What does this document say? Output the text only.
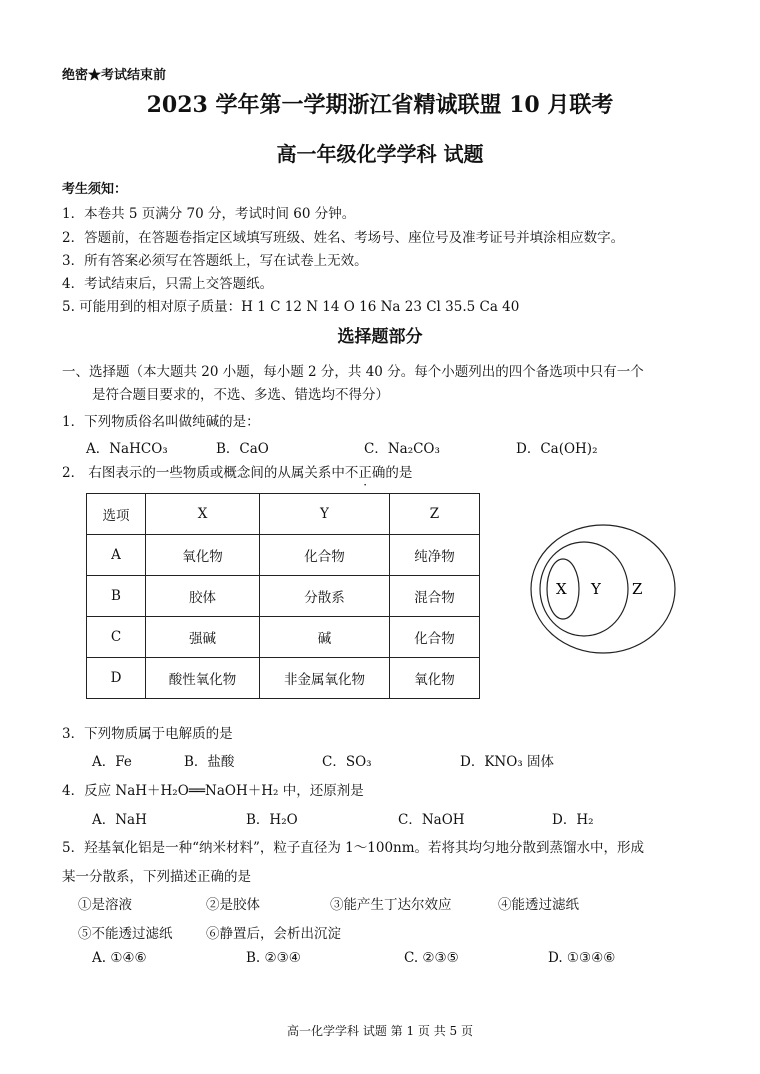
绝密★考试结束前
2023 学年第一学期浙江省精诚联盟 10 月联考
高一年级化学学科 试题
考生须知：
1．本卷共 5 页满分 70 分，考试时间 60 分钟。
2．答题前，在答题卷指定区域填写班级、姓名、考场号、座位号及准考证号并填涂相应数字。
3．所有答案必须写在答题纸上，写在试卷上无效。
4．考试结束后，只需上交答题纸。
5. 可能用到的相对原子质量：H 1 C 12 N 14 O 16 Na 23 Cl 35.5 Ca 40
选择题部分
一、选择题（本大题共 20 小题，每小题 2 分，共 40 分。每个小题列出的四个备选项中只有一个
是符合题目要求的，不选、多选、错选均不得分）
1．下列物质俗名叫做纯碱的是：
A．NaHCO₃	B．CaO	C．Na₂CO₃	D．Ca(OH)₂
2． 右图表示的一些物质或概念间的从属关系中不正确的是
选项	X	Y	Z
A	氧化物	化合物	纯净物
B	胶体	分散系	混合物
C	强碱	碱	化合物
D	酸性氧化物	非金属氧化物	氧化物
X Y Z
3．下列物质属于电解质的是
A．Fe	B．盐酸	C．SO₃	D．KNO₃ 固体
4．反应 NaH＋H₂O══NaOH＋H₂ 中，还原剂是
A．NaH	B．H₂O	C．NaOH	D．H₂
5．羟基氧化铝是一种“纳米材料”，粒子直径为 1～100nm。若将其均匀地分散到蒸馏水中，形成
某一分散系，下列描述正确的是
①是溶液	②是胶体	③能产生丁达尔效应	④能透过滤纸
⑤不能透过滤纸 ⑥静置后，会析出沉淀
A. ①④⑥	B. ②③④	C. ②③⑤	D. ①③④⑥
高一化学学科 试题 第 1 页 共 5 页
